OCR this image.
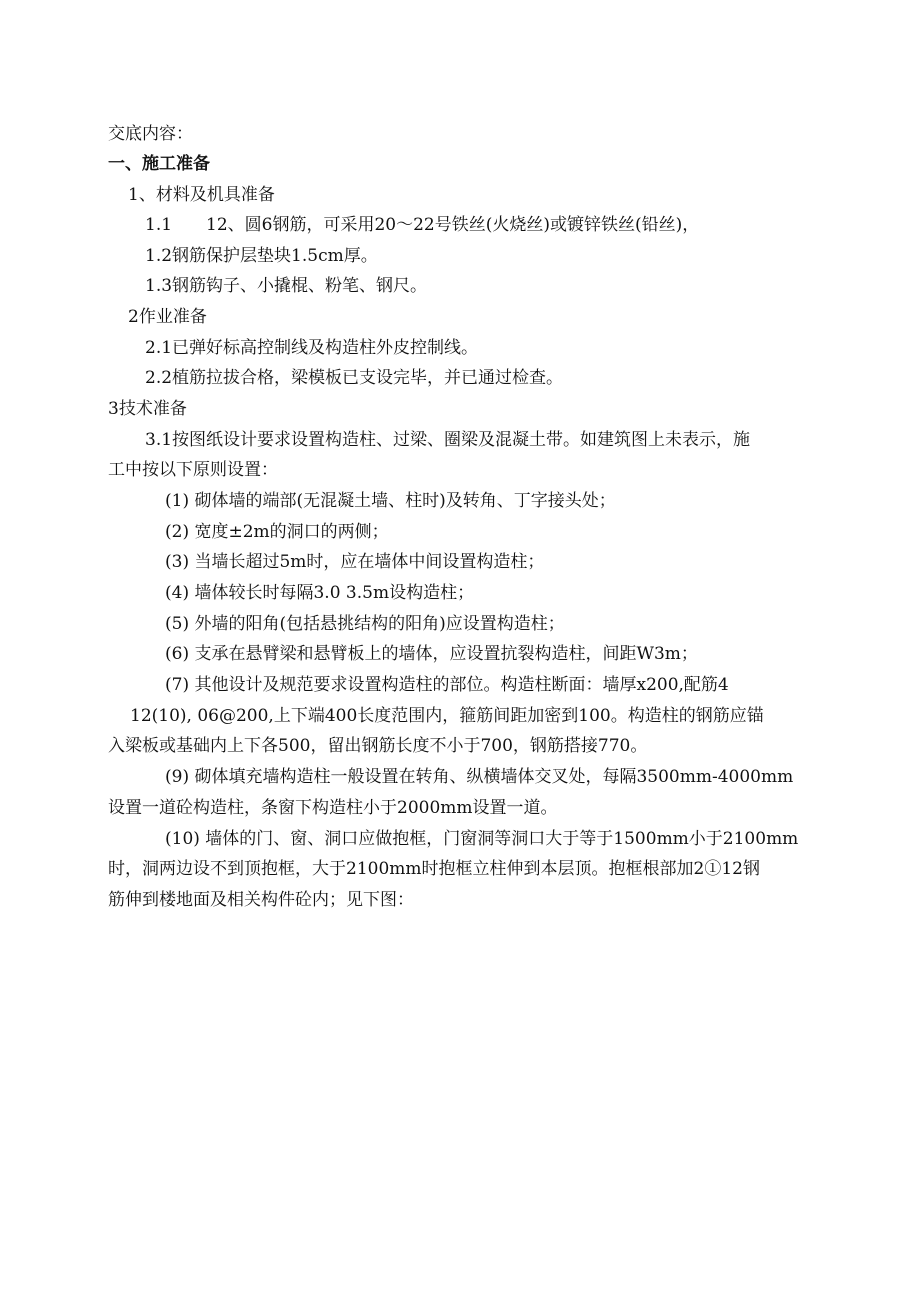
交底内容：
一、施工准备
1、材料及机具准备
1.1　　12、圆6钢筋，可采用20～22号铁丝(火烧丝)或镀锌铁丝(铅丝)，
1.2钢筋保护层垫块1.5cm厚。
1.3钢筋钩子、小撬棍、粉笔、钢尺。
2作业准备
2.1已弹好标高控制线及构造柱外皮控制线。
2.2植筋拉拔合格，梁模板已支设完毕，并已通过检查。
3技术准备
3.1按图纸设计要求设置构造柱、过梁、圈梁及混凝土带。如建筑图上未表示，施
工中按以下原则设置：
(1) 砌体墙的端部(无混凝土墙、柱时)及转角、丁字接头处；
(2) 宽度±2m的洞口的两侧；
(3) 当墙长超过5m时，应在墙体中间设置构造柱；
(4) 墙体较长时每隔3.0 3.5m设构造柱；
(5) 外墙的阳角(包括悬挑结构的阳角)应设置构造柱；
(6) 支承在悬臂梁和悬臂板上的墙体，应设置抗裂构造柱，间距W3m；
(7) 其他设计及规范要求设置构造柱的部位。构造柱断面：墙厚x200,配筋4
12(10), 06@200,上下端400长度范围内，箍筋间距加密到100。构造柱的钢筋应锚
入梁板或基础内上下各500，留出钢筋长度不小于700，钢筋搭接770。
(9) 砌体填充墙构造柱一般设置在转角、纵横墙体交叉处，每隔3500mm-4000mm
设置一道砼构造柱，条窗下构造柱小于2000mm设置一道。
(10) 墙体的门、窗、洞口应做抱框，门窗洞等洞口大于等于1500mm小于2100mm
时，洞两边设不到顶抱框，大于2100mm时抱框立柱伸到本层顶。抱框根部加2①12钢
筋伸到楼地面及相关构件砼内；见下图：
